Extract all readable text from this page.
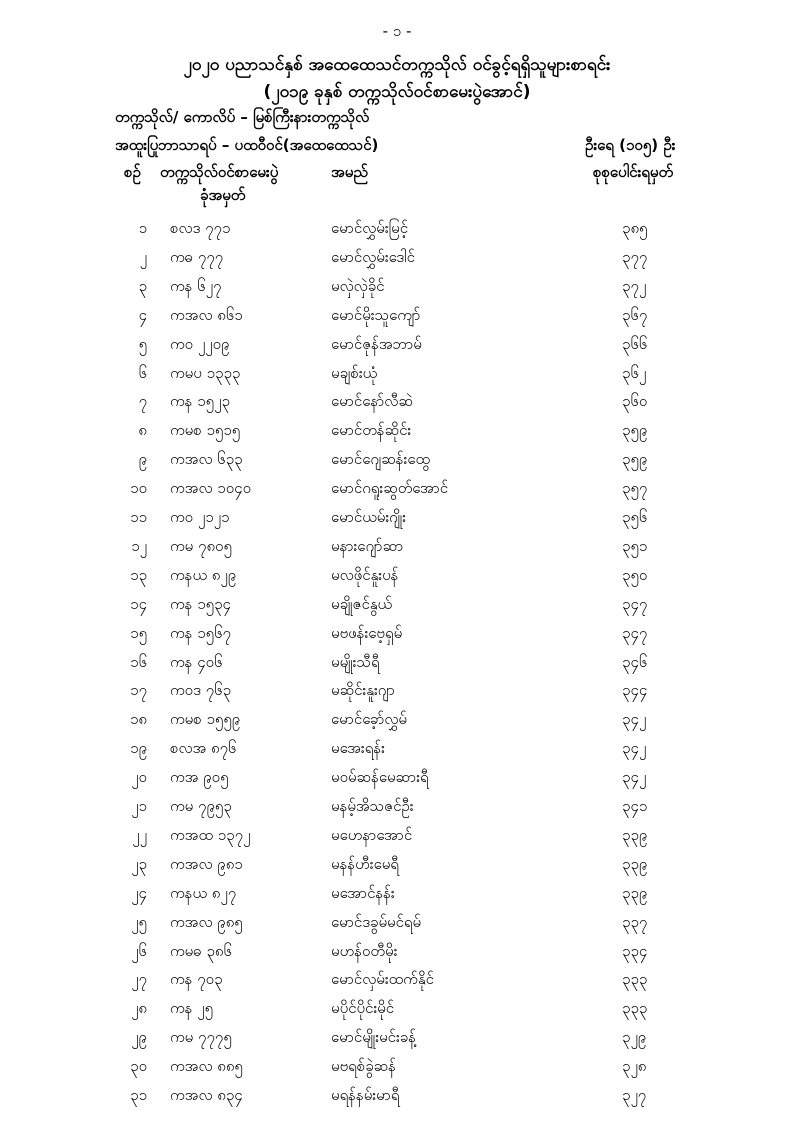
- ၁ -
၂၀၂၀ ပညာသင်နှစ် အထေထေသင်တက္ကသိုလ် ဝင်ခွင့်ရရှိသူများစာရင်း
(၂၀၁၉ ခုနှစ် တက္ကသိုလ်ဝင်စာမေးပွဲအောင်)
တက္ကသိုလ်/ ကောလိပ် – မြစ်ကြီးနားတက္ကသိုလ်
အထူးပြုဘာသာရပ် – ပထဝီဝင်(အထေထေသင်)	ဦးရေ (၁၀၅) ဦး
စဉ် တက္ကသိုလ်ဝင်စာမေးပွဲ
ခုံအမှတ်
အမည်	စုစုပေါင်းရမှတ်
၁ စလဒ ၇၇၁	မောင်လွှမ်းမြင့်	၃၈၅
၂ ကဓ ၇၇၇	မောင်လွှမ်းဒေါင်	၃၇၇
၃ ကန ၆၂၇	မလှဲလှဲခိုင်	၃၇၂
၄ ကအလ ၈၆၁	မောင်မိုးသူကျော်	၃၆၇
၅ ကဝ ၂၂၀၉	မောင်ဇုန်အဘာမ်	၃၆၆
၆ ကမပ ၁၃၃၃	မချစ်းယုံ	၃၆၂
၇ ကန ၁၅၂၃	မောင်နော်လီဆဲ	၃၆၀
၈ ကမစ ၁၅၁၅	မောင်တန်ဆိုင်း	၃၅၉
၉ ကအလ ၆၃၃	မောင်ဂျေဆန်းထွေ	၃၅၉
၁၀ ကအလ ၁၀၄၀	မောင်ဂရူးဆွတ်အောင်	၃၅၇
၁၁ ကဝ ၂၁၂၁	မောင်ယမ်းဂျိုး	၃၅၆
၁၂ ကမ ၇၈၀၅	မနားဂျော်ဆာ	၃၅၁
၁၃ ကနယ ၈၂၉	မလဖိုင်နူးပန်	၃၅၀
၁၄ ကန ၁၅၃၄	မချိုဇင်နွယ်	၃၄၇
၁၅ ကန ၁၅၆၇	မဗဖန်းဗေ့ရှမ်	၃၄၇
၁၆ ကန ၄၀၆	မမျိုးသီရီ	၃၄၆
၁၇ ကဝဒ ၇၆၃	မဆိုင်းနူးဂျာ	၃၄၄
၁၈ ကမစ ၁၅၅၉	မောင်ခေ့ာ်လွှမ်	၃၄၂
၁၉ စလအ ၈၇၆	မအေးရန်း	၃၄၂
၂၀ ကအ ၉၀၅	မဝမ်ဆန်မေဆားရီ	၃၄၂
၂၁ ကမ ၇၉၅၃	မနမ့်အိသဇင်ဦး	၃၄၁
၂၂ ကအထ ၁၃၇၂	မဟေနာအောင်	၃၃၉
၂၃ ကအလ ၉၈၁	မနန်ဟီးမေရီ	၃၃၉
၂၄ ကနယ ၈၂၇	မအောင်နန်း	၃၃၉
၂၅ ကအလ ၉၈၅	မောင်ဒခွမ်မင်ရမ်	၃၃၇
၂၆ ကမဓ ၃၈၆	မဟန်ဝတီမိုး	၃၃၄
၂၇ ကန ၇၀၃	မောင်လှမ်းထက်နိုင်	၃၃၃
၂၈ ကန ၂၅	မပိုင်ပိုင်းမိုင်	၃၃၃
၂၉ ကမ ၇၇၇၅	မောင်မျိုးမင်းခန့်	၃၂၉
၃၀ ကအလ ၈၈၅	မဗရစ်ခွဲဆန်	၃၂၈
၃၁ ကအလ ၈၃၄	မရန်နမ်းမာရီ	၃၂၇
